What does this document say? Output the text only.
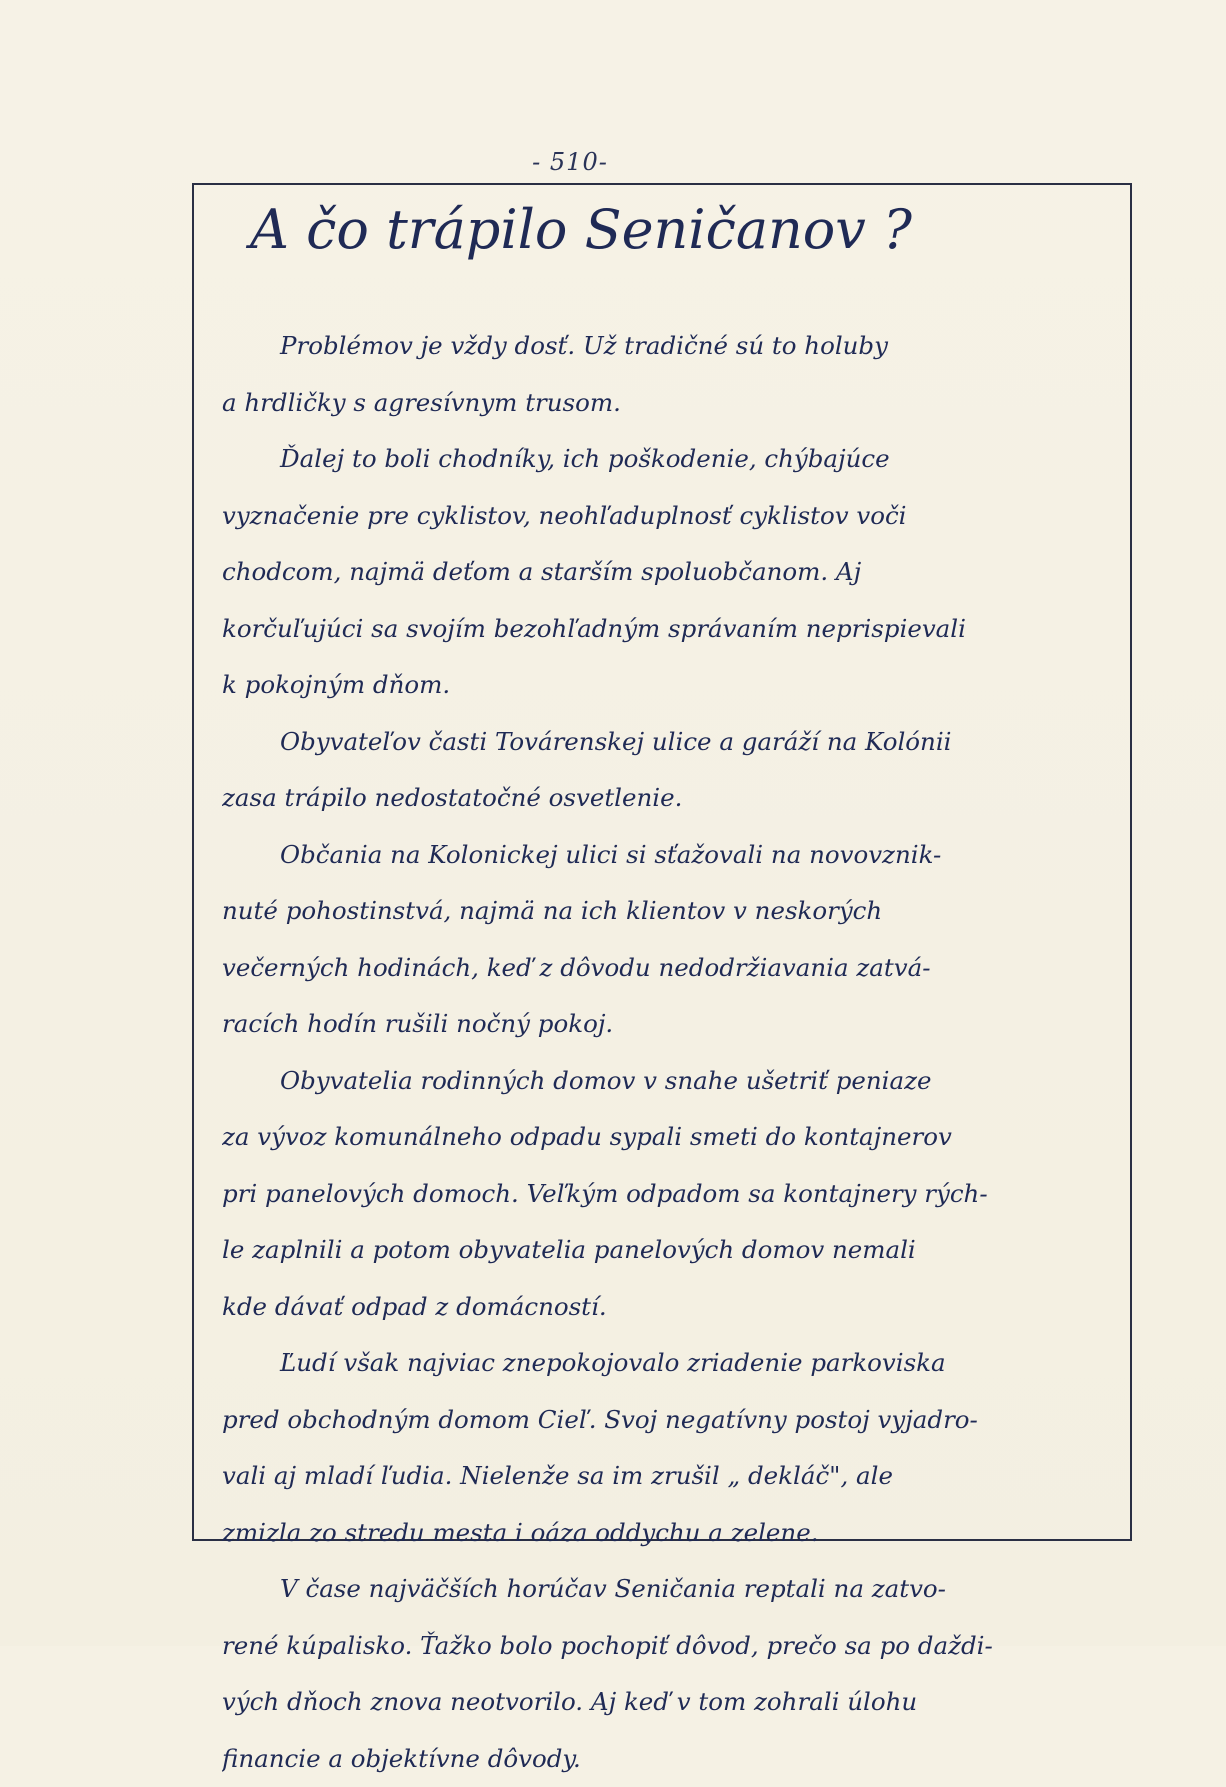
- 510-
A čo trápilo Seničanov ?
Problémov je vždy dosť. Už tradičné sú to holuby
a hrdličky s agresívnym trusom.
Ďalej to boli chodníky, ich poškodenie, chýbajúce
vyznačenie pre cyklistov, neohľaduplnosť cyklistov voči
chodcom, najmä deťom a starším spoluobčanom. Aj
korčuľujúci sa svojím bezohľadným správaním neprispievali
k pokojným dňom.
Obyvateľov časti Továrenskej ulice a garáží na Kolónii
zasa trápilo nedostatočné osvetlenie.
Občania na Kolonickej ulici si sťažovali na novovznik-
nuté pohostinstvá, najmä na ich klientov v neskorých
večerných hodinách, keď z dôvodu nedodržiavania zatvá-
racích hodín rušili nočný pokoj.
Obyvatelia rodinných domov v snahe ušetriť peniaze
za vývoz komunálneho odpadu sypali smeti do kontajnerov
pri panelových domoch. Veľkým odpadom sa kontajnery rých-
le zaplnili a potom obyvatelia panelových domov nemali
kde dávať odpad z domácností.
Ľudí však najviac znepokojovalo zriadenie parkoviska
pred obchodným domom Cieľ. Svoj negatívny postoj vyjadro-
vali aj mladí ľudia. Nielenže sa im zrušil „ dekláč", ale
zmizla zo stredu mesta i oáza oddychu a zelene.
V čase najväčších horúčav Seničania reptali na zatvo-
rené kúpalisko. Ťažko bolo pochopiť dôvod, prečo sa po daždi-
vých dňoch znova neotvorilo. Aj keď v tom zohrali úlohu
financie a objektívne dôvody.
